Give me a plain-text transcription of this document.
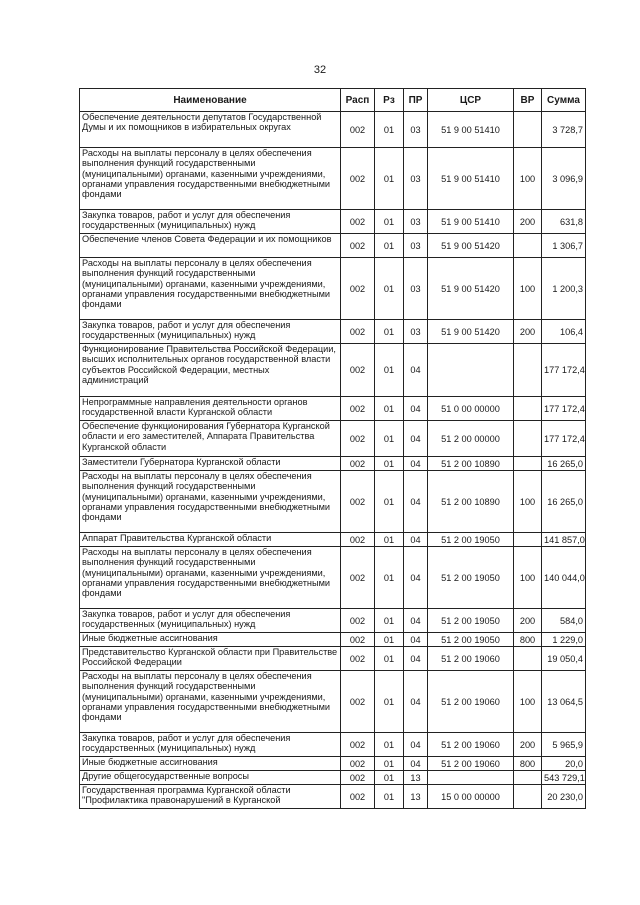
32
Наименование	Расп	Рз	ПР	ЦСР	ВР	Сумма
Обеспечение деятельности депутатов Государственной Думы и их помощников в избирательных округах	002	01	03	51 9 00 51410		3 728,7
Расходы на выплаты персоналу в целях обеспечения выполнения функций государственными (муниципальными) органами, казенными учреждениями, органами управления государственными внебюджетными фондами	002	01	03	51 9 00 51410	100	3 096,9
Закупка товаров, работ и услуг для обеспечения государственных (муниципальных) нужд	002	01	03	51 9 00 51410	200	631,8
Обеспечение членов Совета Федерации и их помощников	002	01	03	51 9 00 51420		1 306,7
Расходы на выплаты персоналу в целях обеспечения выполнения функций государственными (муниципальными) органами, казенными учреждениями, органами управления государственными внебюджетными фондами	002	01	03	51 9 00 51420	100	1 200,3
Закупка товаров, работ и услуг для обеспечения государственных (муниципальных) нужд	002	01	03	51 9 00 51420	200	106,4
Функционирование Правительства Российской Федерации, высших исполнительных органов государственной власти субъектов Российской Федерации, местных администраций	002	01	04			177 172,4
Непрограммные направления деятельности органов государственной власти Курганской области	002	01	04	51 0 00 00000		177 172,4
Обеспечение функционирования Губернатора Курганской области и его заместителей, Аппарата Правительства Курганской области	002	01	04	51 2 00 00000		177 172,4
Заместители Губернатора Курганской области	002	01	04	51 2 00 10890		16 265,0
Расходы на выплаты персоналу в целях обеспечения выполнения функций государственными (муниципальными) органами, казенными учреждениями, органами управления государственными внебюджетными фондами	002	01	04	51 2 00 10890	100	16 265,0
Аппарат Правительства Курганской области	002	01	04	51 2 00 19050		141 857,0
Расходы на выплаты персоналу в целях обеспечения выполнения функций государственными (муниципальными) органами, казенными учреждениями, органами управления государственными внебюджетными фондами	002	01	04	51 2 00 19050	100	140 044,0
Закупка товаров, работ и услуг для обеспечения государственных (муниципальных) нужд	002	01	04	51 2 00 19050	200	584,0
Иные бюджетные ассигнования	002	01	04	51 2 00 19050	800	1 229,0
Представительство Курганской области при Правительстве Российской Федерации	002	01	04	51 2 00 19060		19 050,4
Расходы на выплаты персоналу в целях обеспечения выполнения функций государственными (муниципальными) органами, казенными учреждениями, органами управления государственными внебюджетными фондами	002	01	04	51 2 00 19060	100	13 064,5
Закупка товаров, работ и услуг для обеспечения государственных (муниципальных) нужд	002	01	04	51 2 00 19060	200	5 965,9
Иные бюджетные ассигнования	002	01	04	51 2 00 19060	800	20,0
Другие общегосударственные вопросы	002	01	13			543 729,1
Государственная программа Курганской области "Профилактика правонарушений в Курганской	002	01	13	15 0 00 00000		20 230,0
